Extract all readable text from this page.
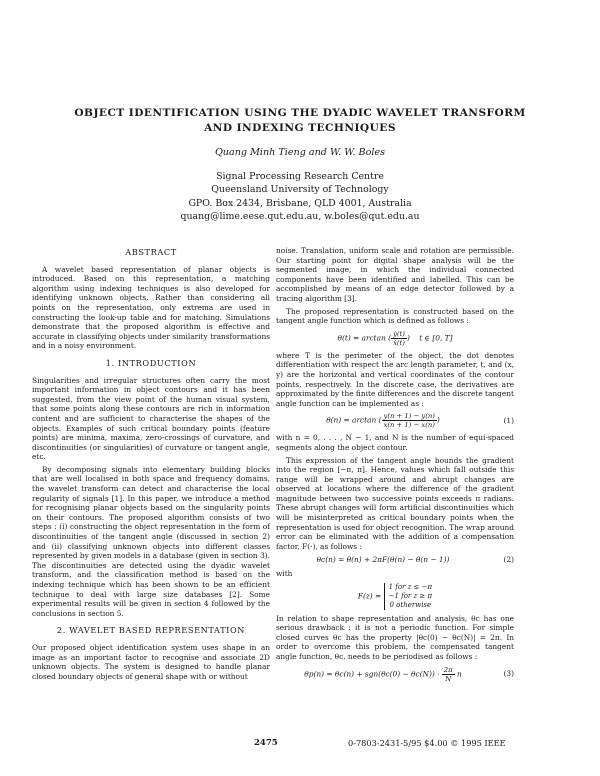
OBJECT IDENTIFICATION USING THE DYADIC WAVELET TRANSFORM
AND INDEXING TECHNIQUES
Quang Minh Tieng and W. W. Boles
Signal Processing Research Centre
Queensland University of Technology
GPO. Box 2434, Brisbane, QLD 4001, Australia
quang@lime.eese.qut.edu.au, w.boles@qut.edu.au
ABSTRACT

A wavelet based representation of planar objects is introduced. Based on this representation, a matching algorithm using indexing techniques is also developed for identifying unknown objects. Rather than considering all points on the representation, only extrema are used in constructing the look-up table and for matching. Simulations demonstrate that the proposed algorithm is effective and accurate in classifying objects under similarity transformations and in a noisy environment.

1. INTRODUCTION

Singularities and irregular structures often carry the most important information in object contours and it has been suggested, from the view point of the human visual system, that some points along these contours are rich in information content and are sufficient to characterise the shapes of the objects. Examples of such critical boundary points (feature points) are minima, maxima, zero-crossings of curvature, and discontinuities (or singularities) of curvature or tangent angle, etc.

By decomposing signals into elementary building blocks that are well localised in both space and frequency domains, the wavelet transform can detect and characterise the local regularity of signals [1]. In this paper, we introduce a method for recognising planar objects based on the singularity points on their contours. The proposed algorithm consists of two steps : (i) constructing the object representation in the form of discontinuities of the tangent angle (discussed in section 2) and (ii) classifying unknown objects into different classes represented by given models in a database (given in section 3). The discontinuities are detected using the dyadic wavelet transform, and the classification method is based on the indexing technique which has been shown to be an efficient technique to deal with large size databases [2]. Some experimental results will be given in section 4 followed by the conclusions in section 5.

2. WAVELET BASED REPRESENTATION

Our proposed object identification system uses shape in an image as an important factor to recognise and associate 2D unknown objects. The system is designed to handle planar closed boundary objects of general shape with or without

noise. Translation, uniform scale and rotation are permissible. Our starting point for digital shape analysis will be the segmented image, in which the individual connected components have been identified and labelled. This can be accomplished by means of an edge detector followed by a tracing algorithm [3].

The proposed representation is constructed based on the tangent angle function which is defined as follows :

θ(t) = arctan ( $\frac{\text{ẏ(t)}}{\text{ẋ(t)}}$ )    t ∈ [0, T]

where T is the perimeter of the object, the dot denotes differentiation with respect the arc length parameter, t, and (x, y) are the horizontal and vertical coordinates of the contour points, respectively. In the discrete case, the derivatives are approximated by the finite differences and the discrete tangent angle function can be implemented as :

θ(n) = arctan ( $\frac{y(n + 1) - y(n)}{x(n + 1) - x(n)}$ )	(1)

with n = 0, . . . , N − 1, and N is the number of equi-spaced segments along the object contour.

This expression of the tangent angle bounds the gradient into the region [−π, π]. Hence, values which fall outside this range will be wrapped around and abrupt changes are observed at locations where the difference of the gradient magnitude between two successive points exceeds π radians. These abrupt changes will form artificial discontinuities which will be misinterpreted as critical boundary points when the representation is used for object recognition. The wrap around error can be eliminated with the addition of a compensation factor, F(·), as follows :

θc(n) = θ(n) + 2πF(θ(n) − θ(n − 1))	(2)
with
F(z) =
1 for z ≤ −π
−1 for z ≥ π
0 otherwise

In relation to shape representation and analysis, θc has one serious drawback : it is not a periodic function. For simple closed curves θc has the property |θc(0) − θc(N)| = 2π. In order to overcome this problem, the compensated tangent angle function, θc, needs to be periodised as follows :

$\theta p(n) = \theta c(n) + sgn(\theta c(0) - \theta c(N)) \cdot \frac{2\pi}{N}$ n	(3)
2475	0-7803-2431-5/95 $4.00 © 1995 IEEE
